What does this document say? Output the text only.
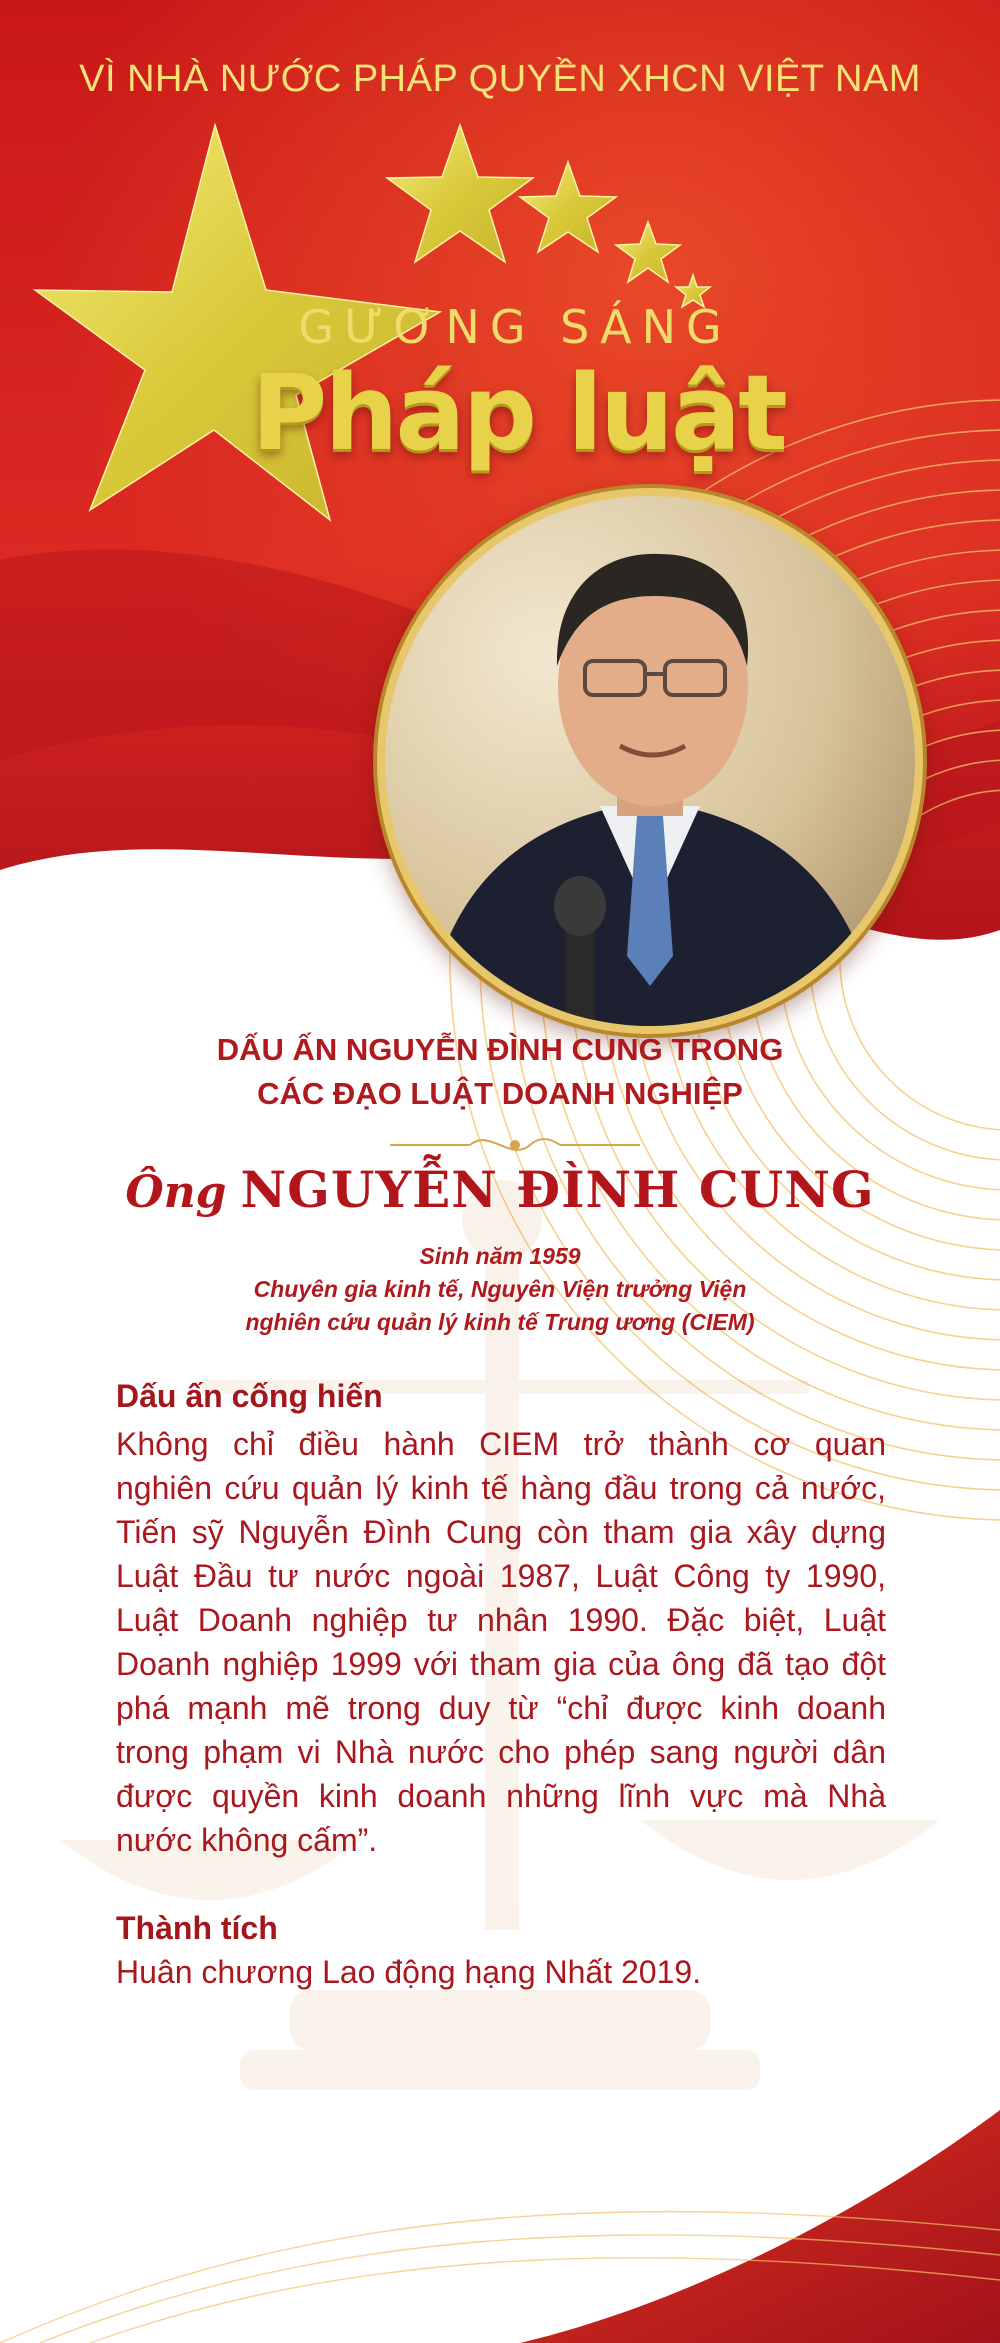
VÌ NHÀ NƯỚC PHÁP QUYỀN XHCN VIỆT NAM
GƯƠNG SÁNG
Pháp luật
DẤU ẤN NGUYỄN ĐÌNH CUNG TRONG
CÁC ĐẠO LUẬT DOANH NGHIỆP
Ông NGUYỄN ĐÌNH CUNG
Sinh năm 1959
Chuyên gia kinh tế, Nguyên Viện trưởng Viện
nghiên cứu quản lý kinh tế Trung ương (CIEM)
Dấu ấn cống hiến
Không chỉ điều hành CIEM trở thành cơ quan
nghiên cứu quản lý kinh tế hàng đầu trong cả nước,
Tiến sỹ Nguyễn Đình Cung còn tham gia xây dựng
Luật Đầu tư nước ngoài 1987, Luật Công ty 1990,
Luật Doanh nghiệp tư nhân 1990. Đặc biệt, Luật
Doanh nghiệp 1999 với tham gia của ông đã tạo đột
phá mạnh mẽ trong duy từ “chỉ được kinh doanh
trong phạm vi Nhà nước cho phép sang người dân
được quyền kinh doanh những lĩnh vực mà Nhà
nước không cấm”.
Thành tích
Huân chương Lao động hạng Nhất 2019.
